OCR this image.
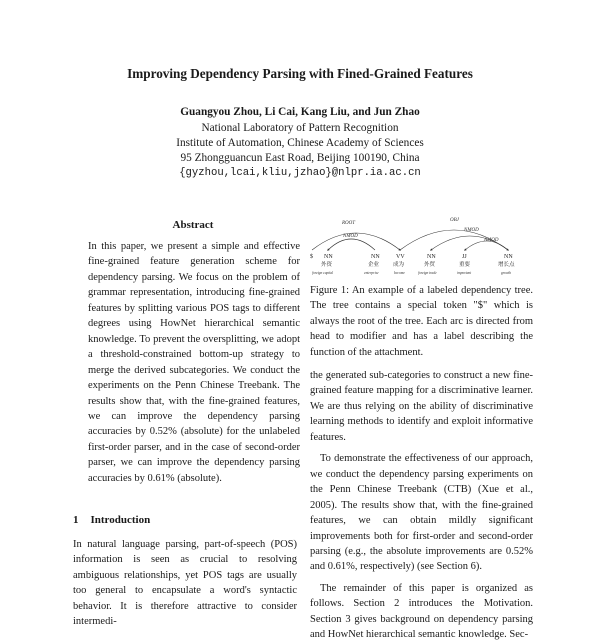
Improving Dependency Parsing with Fined-Grained Features
Guangyou Zhou, Li Cai, Kang Liu, and Jun Zhao
National Laboratory of Pattern Recognition
Institute of Automation, Chinese Academy of Sciences
95 Zhongguancun East Road, Beijing 100190, China
{gyzhou,lcai,kliu,jzhao}@nlpr.ia.ac.cn
Abstract

In this paper, we present a simple and effective fine-grained feature generation scheme for dependency parsing. We focus on the problem of grammar representation, introducing fine-grained features by splitting various POS tags to different degrees using HowNet hierarchical semantic knowledge. To prevent the oversplitting, we adopt a threshold-constrained bottom-up strategy to merge the derived subcategories. We conduct the experiments on the Penn Chinese Treebank. The results show that, with the fine-grained features, we can improve the dependency parsing accuracies by 0.52% (absolute) for the unlabeled first-order parser, and in the case of second-order parser, we can improve the dependency parsing accuracies by 0.61% (absolute).

1 Introduction

In natural language parsing, part-of-speech (POS) information is seen as crucial to resolving ambiguous relationships, yet POS tags are usually too general to encapsulate a word's syntactic behavior. It is therefore attractive to consider intermedi-

ROOT
NMOD
OBJ
NMOD
AMOD
$ NN	NN	VV	NN	JJ	NN
外资	企业	成为	外贸	重要	增长点
foreign capital	enterprise	become	foreign trade	important	growth
Figure 1: An example of a labeled dependency tree. The tree contains a special token "$" which is always the root of the tree. Each arc is directed from head to modifier and has a label describing the function of the attachment.

the generated sub-categories to construct a new fine-grained feature mapping for a discriminative learner. We are thus relying on the ability of discriminative learning methods to identify and exploit informative features.

To demonstrate the effectiveness of our approach, we conduct the dependency parsing experiments on the Penn Chinese Treebank (CTB) (Xue et al., 2005). The results show that, with the fine-grained features, we can obtain mildly significant improvements both for first-order and second-order parsing (e.g., the absolute improvements are 0.52% and 0.61%, respectively) (see Section 6).

The remainder of this paper is organized as follows. Section 2 introduces the Motivation. Section 3 gives background on dependency parsing and HowNet hierarchical semantic knowledge. Sec-
